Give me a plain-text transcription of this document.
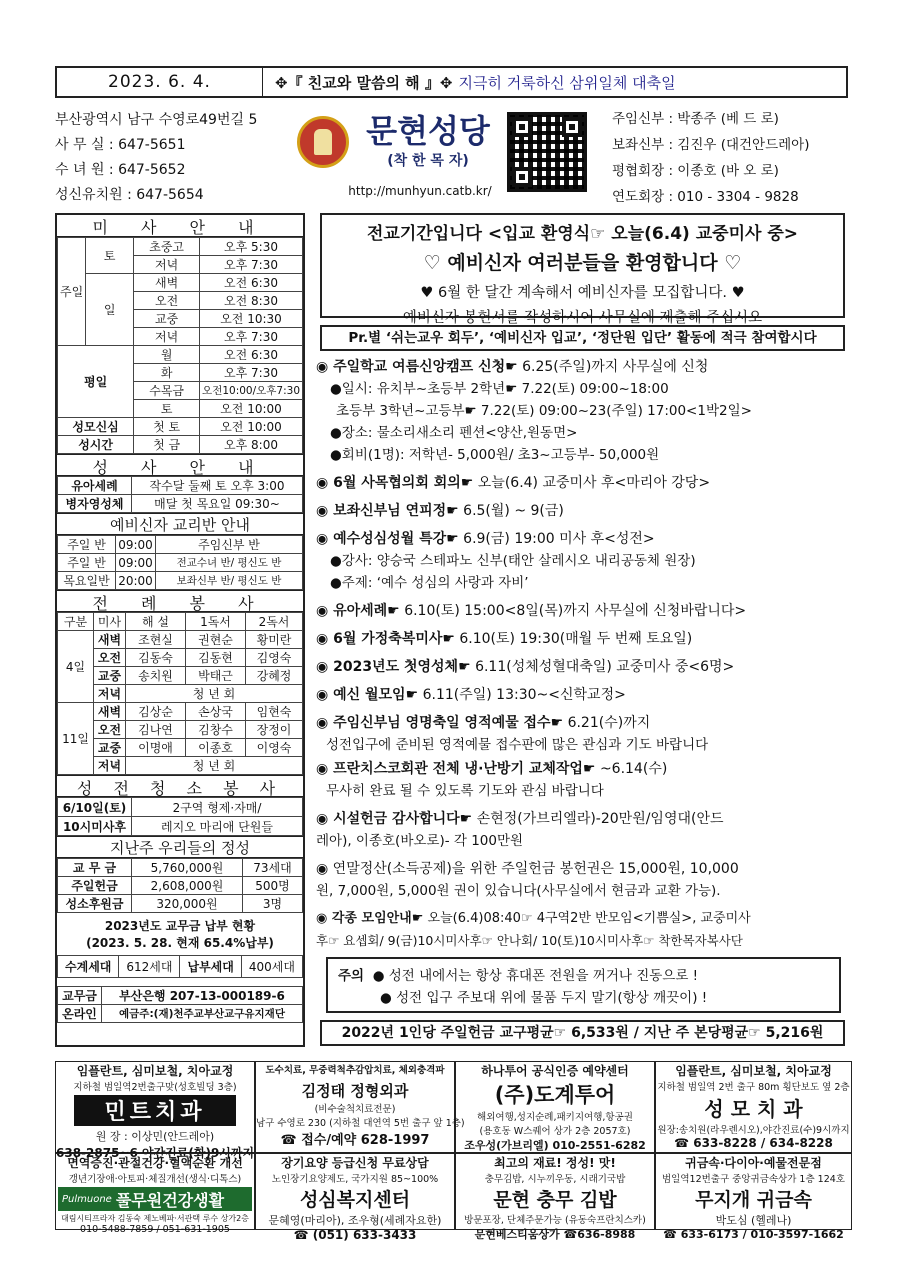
2023. 6. 4.	✥『 친교와 말씀의 해 』✥ 지극히 거룩하신 삼위일체 대축일
부산광역시 남구 수영로49번길 5
사 무 실 : 647-5651
수 녀 원 : 647-5652
성신유치원 : 647-5654
문현성당
(착 한 목 자)
http://munhyun.catb.kr/
주임신부 : 박종주 (베 드 로)
보좌신부 : 김진우 (대건안드레아)
평협회장 : 이종호 (바 오 로)
연도회장 : 010 - 3304 - 9828
미 사 안 내
주일	토	초중고	오후 5:30
		저녁	오후 7:30
	일	새벽	오전 6:30
		오전	오전 8:30
		교중	오전 10:30
		저녁	오후 7:30
평일		월	오전 6:30
		화	오후 7:30
		수목금	오전10:00/오후7:30
		토	오전 10:00
성모신심		첫 토	오전 10:00
성시간		첫 금	오후 8:00
성 사 안 내
유아세례	작수달 둘째 토 오후 3:00
병자영성체	매달 첫 목요일 09:30~
예비신자 교리반 안내
주일 반	09:00	주임신부 반
주일 반	09:00	전교수녀 반/ 평신도 반
목요일반	20:00	보좌신부 반/ 평신도 반
전 례 봉 사
구분	미사	해 설	1독서	2독서
4일	새벽	조현실	권현순	황미란
	오전	김동숙	김동현	김영숙
	교중	송치원	박태근	강혜정
	저녁	청 년 회		
11일	새벽	김상순	손상국	임현숙
	오전	김나연	김창수	장정이
	교중	이명애	이종호	이영숙
	저녁	청 년 회		
성 전 청 소 봉 사
6/10일(토)	2구역 형제·자매/
10시미사후	레지오 마리애 단원들
지난주 우리들의 정성
교 무 금	5,760,000원	73세대
주일헌금	2,608,000원	500명
성소후원금	320,000원	3명
2023년도 교무금 납부 현황
(2023. 5. 28. 현재 65.4%납부)
수계세대	612세대	납부세대	400세대
교무금	부산은행 207-13-000189-6
온라인	예금주:(재)천주교부산교구유지재단
전교기간입니다 <입교 환영식☞ 오늘(6.4) 교중미사 중>
♡ 예비신자 여러분들을 환영합니다 ♡
♥ 6월 한 달간 계속해서 예비신자를 모집합니다. ♥
예비신자 봉헌서를 작성하시어 사무실에 제출해 주십시오
Pr.별 ‘쉬는교우 회두’, ‘예비신자 입교’, ‘정단원 입단’ 활동에 적극 참여합시다
◉ 주일학교 여름신앙캠프 신청☛ 6.25(주일)까지 사무실에 신청
●일시: 유치부~초등부 2학년☛ 7.22(토) 09:00~18:00
초등부 3학년~고등부☛ 7.22(토) 09:00~23(주일) 17:00<1박2일>
●장소: 물소리새소리 펜션<양산,원동면>
●회비(1명): 저학년- 5,000원/ 초3~고등부- 50,000원
◉ 6월 사목협의회 회의☛ 오늘(6.4) 교중미사 후<마리아 강당>
◉ 보좌신부님 연피정☛ 6.5(월) ~ 9(금)
◉ 예수성심성월 특강☛ 6.9(금) 19:00 미사 후<성전>
●강사: 양승국 스테파노 신부(태안 살레시오 내리공동체 원장)
●주제: ‘예수 성심의 사랑과 자비’
◉ 유아세례☛ 6.10(토) 15:00<8일(목)까지 사무실에 신청바랍니다>
◉ 6월 가정축복미사☛ 6.10(토) 19:30(매월 두 번째 토요일)
◉ 2023년도 첫영성체☛ 6.11(성체성혈대축일) 교중미사 중<6명>
◉ 예신 월모임☛ 6.11(주일) 13:30~<신학교정>
◉ 주임신부님 영명축일 영적예물 접수☛ 6.21(수)까지
성전입구에 준비된 영적예물 접수판에 많은 관심과 기도 바랍니다
◉ 프란치스코회관 전체 냉·난방기 교체작업☛ ~6.14(수)
무사히 완료 될 수 있도록 기도와 관심 바랍니다
◉ 시설헌금 감사합니다☛ 손현정(가브리엘라)-20만원/임영대(안드
레아), 이종호(바오로)- 각 100만원
◉ 연말정산(소득공제)을 위한 주일헌금 봉헌권은 15,000원, 10,000
원, 7,000원, 5,000원 권이 있습니다(사무실에서 현금과 교환 가능).
◉ 각종 모임안내☛ 오늘(6.4)08:40☞ 4구역2반 반모임<기쁨실>, 교중미사
후☞ 요셉회/ 9(금)10시미사후☞ 안나회/ 10(토)10시미사후☞ 착한목자복사단
주의 ● 성전 내에서는 항상 휴대폰 전원을 꺼거나 진동으로 !
● 성전 입구 주보대 위에 물품 두지 말기(항상 깨끗이) !
2022년 1인당 주일헌금 교구평균☞ 6,533원 / 지난 주 본당평균☞ 5,216원
임플란트, 심미보철, 치아교정
지하철 범일역2번출구맞(성호빌딩 3층)
민트치과
원 장 : 이상민(안드레아)
638-2875~6 야간진료(화)9시까지
도수치료, 무중력척추감압치료, 체외충격파
김정태 정형외과
(비수술척치료전문)
남구 수영로 230 (지하철 대연역 5번 출구 앞 1층)
☎ 접수/예약 628-1997
하나투어 공식인증 예약센터
(주)도계투어
해외여행,성지순례,패키지여행,항공권
(용호동 W스퀘어 상가 2층 2057호)
조우성(가브리엘) 010-2551-6282
임플란트, 심미보철, 치아교정
지하철 범일역 2번 출구 80m 횡단보도 옆 2층
성 모 치 과
원장:송치원(라우렌시오),야간진료(수)9시까지
☎ 633-8228 / 634-8228
면역증진·관절건강·혈액순환 개선
갱년기장애·아토피·체질개선(생식·디톡스)
Pulmuone 풀무원건강생활
대림시티프라자 김동숙 제노베파·서관택 루수 상가2층
010-5488-7859 / 051-631-1905
장기요양 등급신청 무료상담
노인장기요양제도, 국가지원 85~100%
성심복지센터
문혜영(마리아), 조우형(세례자요한)
☎ (051) 633-3433
최고의 재료! 정성! 맛!
충무김밥, 시누끼우동, 시래기국밥
문현 충무 김밥
방문포장, 단체주문가능 (유동숙프란치스카)
문현베스티움상가 ☎636-8988
귀금속·다이아·예물전문점
범일역12번출구 중앙귀금속상가 1층 124호
무지개 귀금속
박도심 (헬레나)
☎ 633-6173 / 010-3597-1662
